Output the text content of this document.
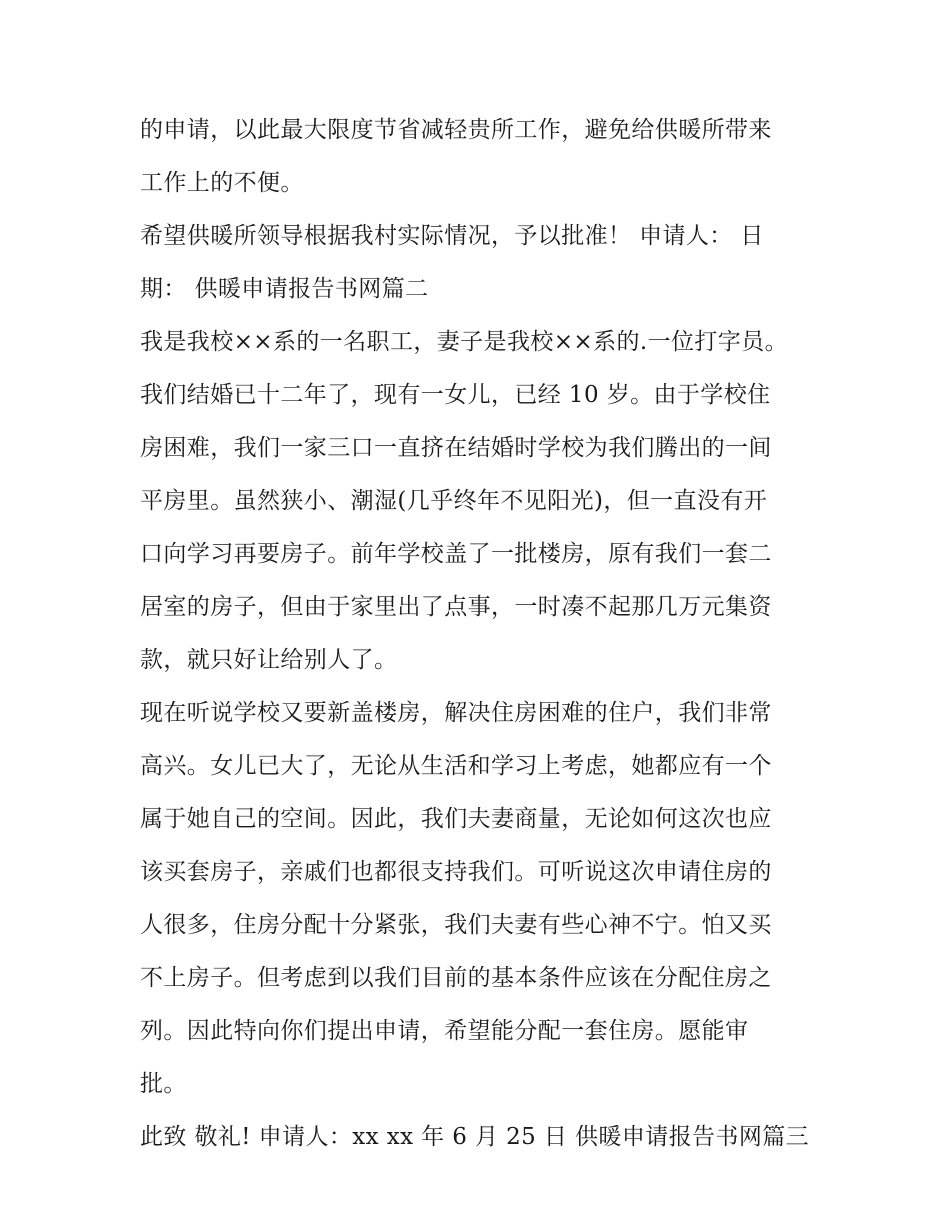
的申请，以此最大限度节省减轻贵所工作，避免给供暖所带来
工作上的不便。
希望供暖所领导根据我村实际情况，予以批准！ 申请人： 日
期： 供暖申请报告书网篇二
我是我校××系的一名职工，妻子是我校××系的.一位打字员。
我们结婚已十二年了，现有一女儿，已经 10 岁。由于学校住
房困难，我们一家三口一直挤在结婚时学校为我们腾出的一间
平房里。虽然狭小、潮湿(几乎终年不见阳光)，但一直没有开
口向学习再要房子。前年学校盖了一批楼房，原有我们一套二
居室的房子，但由于家里出了点事，一时凑不起那几万元集资
款，就只好让给别人了。
现在听说学校又要新盖楼房，解决住房困难的住户，我们非常
高兴。女儿已大了，无论从生活和学习上考虑，她都应有一个
属于她自己的空间。因此，我们夫妻商量，无论如何这次也应
该买套房子，亲戚们也都很支持我们。可听说这次申请住房的
人很多，住房分配十分紧张，我们夫妻有些心神不宁。怕又买
不上房子。但考虑到以我们目前的基本条件应该在分配住房之
列。因此特向你们提出申请，希望能分配一套住房。愿能审
批。
此致 敬礼! 申请人：xx xx 年 6 月 25 日 供暖申请报告书网篇三
